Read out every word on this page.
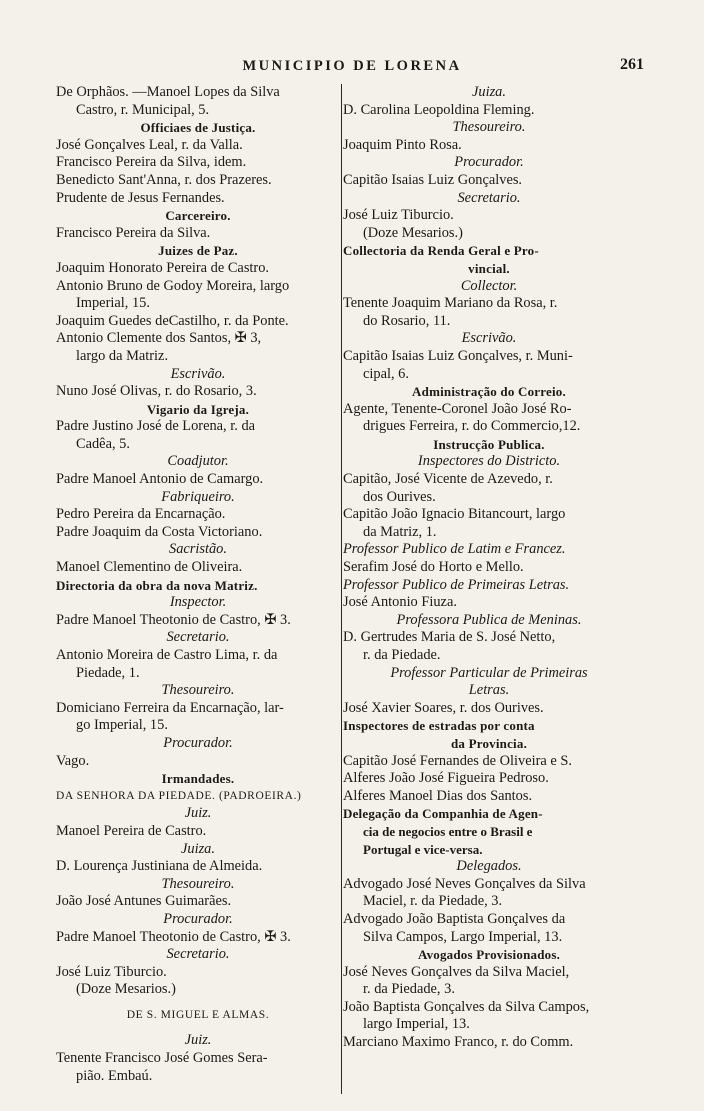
MUNICIPIO DE LORENA	261
De Orphãos. —Manoel Lopes da Silva
Castro, r. Municipal, 5.
Officiaes de Justiça.
José Gonçalves Leal, r. da Valla.
Francisco Pereira da Silva, idem.
Benedicto Sant'Anna, r. dos Prazeres.
Prudente de Jesus Fernandes.
Carcereiro.
Francisco Pereira da Silva.
Juizes de Paz.
Joaquim Honorato Pereira de Castro.
Antonio Bruno de Godoy Moreira, largo
Imperial, 15.
Joaquim Guedes deCastilho, r. da Ponte.
Antonio Clemente dos Santos, ✠ 3,
largo da Matriz.
Escrivão.
Nuno José Olivas, r. do Rosario, 3.
Vigario da Igreja.
Padre Justino José de Lorena, r. da
Cadêa, 5.
Coadjutor.
Padre Manoel Antonio de Camargo.
Fabriqueiro.
Pedro Pereira da Encarnação.
Padre Joaquim da Costa Victoriano.
Sacristão.
Manoel Clementino de Oliveira.
Directoria da obra da nova Matriz.
Inspector.
Padre Manoel Theotonio de Castro, ✠ 3.
Secretario.
Antonio Moreira de Castro Lima, r. da
Piedade, 1.
Thesoureiro.
Domiciano Ferreira da Encarnação, lar-
go Imperial, 15.
Procurador.
Vago.
Irmandades.
DA SENHORA DA PIEDADE. (PADROEIRA.)
Juiz.
Manoel Pereira de Castro.
Juiza.
D. Lourença Justiniana de Almeida.
Thesoureiro.
João José Antunes Guimarães.
Procurador.
Padre Manoel Theotonio de Castro, ✠ 3.
Secretario.
José Luiz Tiburcio.
(Doze Mesarios.)
DE S. MIGUEL E ALMAS.
Juiz.
Tenente Francisco José Gomes Sera-
pião. Embaú.
Juiza.
D. Carolina Leopoldina Fleming.
Thesoureiro.
Joaquim Pinto Rosa.
Procurador.
Capitão Isaias Luiz Gonçalves.
Secretario.
José Luiz Tiburcio.
(Doze Mesarios.)
Collectoria da Renda Geral e Pro-
vincial.
Collector.
Tenente Joaquim Mariano da Rosa, r.
do Rosario, 11.
Escrivão.
Capitão Isaias Luiz Gonçalves, r. Muni-
cipal, 6.
Administração do Correio.
Agente, Tenente-Coronel João José Ro-
drigues Ferreira, r. do Commercio,12.
Instrucção Publica.
Inspectores do Districto.
Capitão, José Vicente de Azevedo, r.
dos Ourives.
Capitão João Ignacio Bitancourt, largo
da Matriz, 1.
Professor Publico de Latim e Francez.
Serafim José do Horto e Mello.
Professor Publico de Primeiras Letras.
José Antonio Fiuza.
Professora Publica de Meninas.
D. Gertrudes Maria de S. José Netto,
r. da Piedade.
Professor Particular de Primeiras
Letras.
José Xavier Soares, r. dos Ourives.
Inspectores de estradas por conta
da Provincia.
Capitão José Fernandes de Oliveira e S.
Alferes João José Figueira Pedroso.
Alferes Manoel Dias dos Santos.
Delegação da Companhia de Agen-
cia de negocios entre o Brasil e
Portugal e vice-versa.
Delegados.
Advogado José Neves Gonçalves da Silva
Maciel, r. da Piedade, 3.
Advogado João Baptista Gonçalves da
Silva Campos, Largo Imperial, 13.
Avogados Provisionados.
José Neves Gonçalves da Silva Maciel,
r. da Piedade, 3.
João Baptista Gonçalves da Silva Campos,
largo Imperial, 13.
Marciano Maximo Franco, r. do Comm.
